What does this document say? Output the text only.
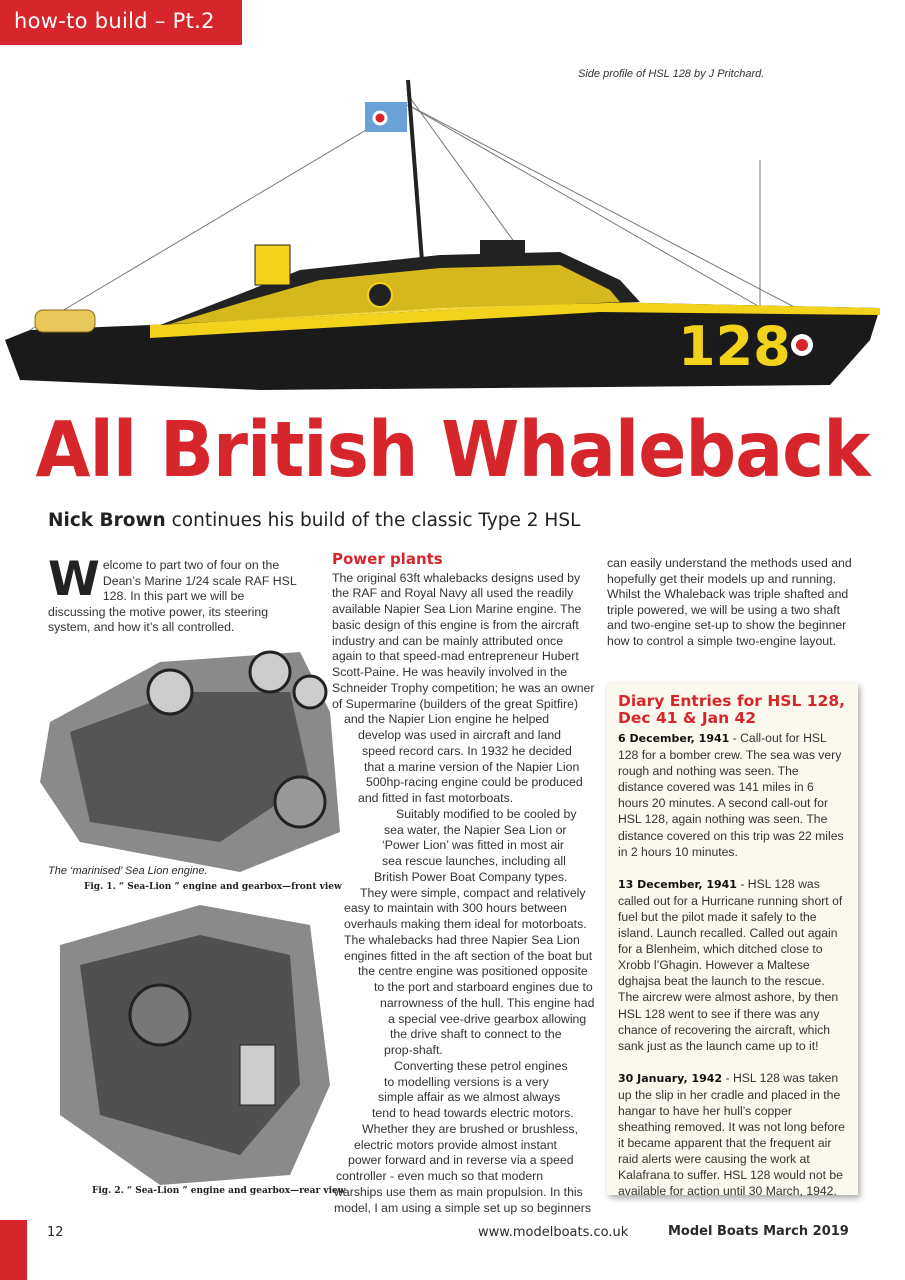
how-to build – Pt.2
128
Side profile of HSL 128 by J Pritchard.
All British Whaleback
Nick Brown continues his build of the classic Type 2 HSL
Welcome to part two of four on the Dean’s Marine 1/24 scale RAF HSL 128. In this part we will be discussing the motive power, its steering system, and how it’s all controlled.
The ‘marinised’ Sea Lion engine.
Fig. 1. “ Sea-Lion ” engine and gearbox—front view
Fig. 2. “ Sea-Lion ” engine and gearbox—rear view
Power plants
The original 63ft whalebacks designs used by
the RAF and Royal Navy all used the readily
available Napier Sea Lion Marine engine. The
basic design of this engine is from the aircraft
industry and can be mainly attributed once
again to that speed-mad entrepreneur Hubert
Scott-Paine. He was heavily involved in the
Schneider Trophy competition; he was an owner
of Supermarine (builders of the great Spitfire)
and the Napier Lion engine he helped
develop was used in aircraft and land
speed record cars. In 1932 he decided
that a marine version of the Napier Lion
500hp-racing engine could be produced
and fitted in fast motorboats.
Suitably modified to be cooled by
sea water, the Napier Sea Lion or
‘Power Lion’ was fitted in most air
sea rescue launches, including all
British Power Boat Company types.
They were simple, compact and relatively
easy to maintain with 300 hours between
overhauls making them ideal for motorboats.
The whalebacks had three Napier Sea Lion
engines fitted in the aft section of the boat but
the centre engine was positioned opposite
to the port and starboard engines due to
narrowness of the hull. This engine had
a special vee-drive gearbox allowing
the drive shaft to connect to the
prop-shaft.
Converting these petrol engines
to modelling versions is a very
simple affair as we almost always
tend to head towards electric motors.
Whether they are brushed or brushless,
electric motors provide almost instant
power forward and in reverse via a speed
controller - even much so that modern
warships use them as main propulsion. In this
model, I am using a simple set up so beginners
can easily understand the methods used and hopefully get their models up and running. Whilst the Whaleback was triple shafted and triple powered, we will be using a two shaft and two-engine set-up to show the beginner how to control a simple two-engine layout.
Diary Entries for HSL 128, Dec 41 & Jan 42
6 December, 1941 - Call-out for HSL 128 for a bomber crew. The sea was very rough and nothing was seen. The distance covered was 141 miles in 6 hours 20 minutes. A second call-out for HSL 128, again nothing was seen. The distance covered on this trip was 22 miles in 2 hours 10 minutes.
13 December, 1941 - HSL 128 was called out for a Hurricane running short of fuel but the pilot made it safely to the island. Launch recalled. Called out again for a Blenheim, which ditched close to Xrobb l’Ghagin. However a Maltese dghajsa beat the launch to the rescue. The aircrew were almost ashore, by then HSL 128 went to see if there was any chance of recovering the aircraft, which sank just as the launch came up to it!
30 January, 1942 - HSL 128 was taken up the slip in her cradle and placed in the hangar to have her hull’s copper sheathing removed. It was not long before it became apparent that the frequent air raid alerts were causing the work at Kalafrana to suffer. HSL 128 would not be available for action until 30 March, 1942.
12	www.modelboats.co.uk	Model Boats March 2019
